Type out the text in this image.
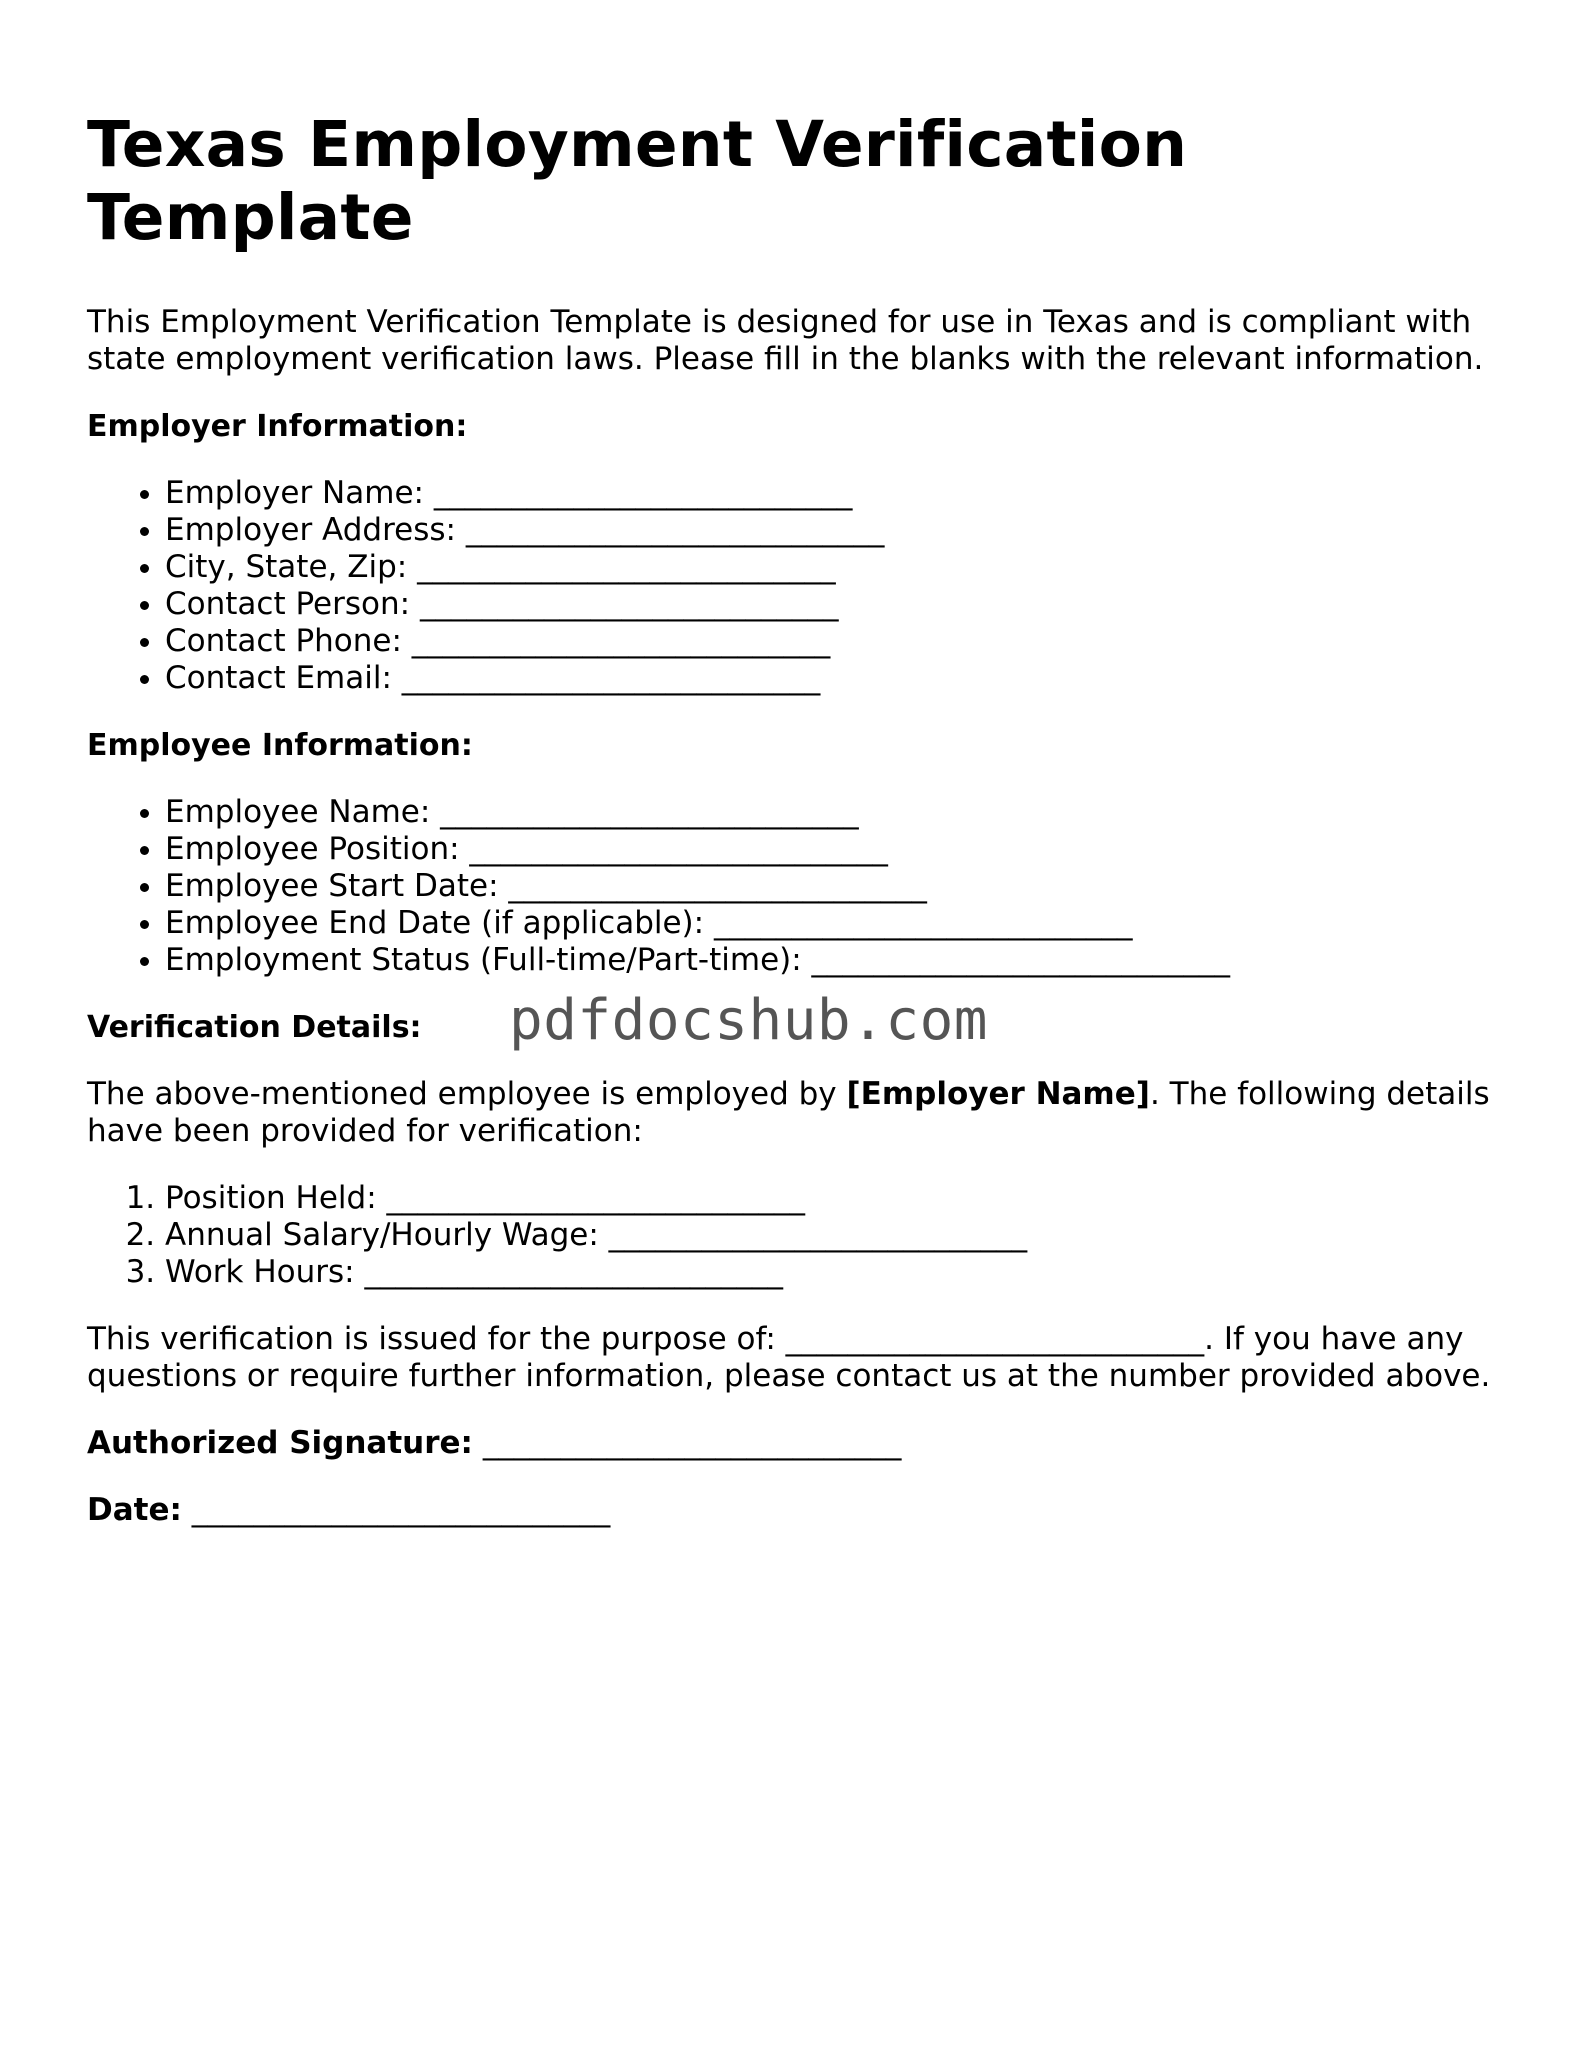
Texas Employment Verification Template

This Employment Verification Template is designed for use in Texas and is compliant with state employment verification laws. Please fill in the blanks with the relevant information.

Employer Information:
• Employer Name: ___________________________
• Employer Address: ___________________________
• City, State, Zip: ___________________________
• Contact Person: ___________________________
• Contact Phone: ___________________________
• Contact Email: ___________________________
Employee Information:
• Employee Name: ___________________________
• Employee Position: ___________________________
• Employee Start Date: ___________________________
• Employee End Date (if applicable): ___________________________
• Employment Status (Full-time/Part-time): ___________________________
Verification Details:	pdfdocshub.com

The above-mentioned employee is employed by [Employer Name]. The following details have been provided for verification:

1. Position Held: ___________________________
2. Annual Salary/Hourly Wage: ___________________________
3. Work Hours: ___________________________

This verification is issued for the purpose of: ___________________________. If you have any questions or require further information, please contact us at the number provided above.

Authorized Signature: ___________________________
Date: ___________________________
